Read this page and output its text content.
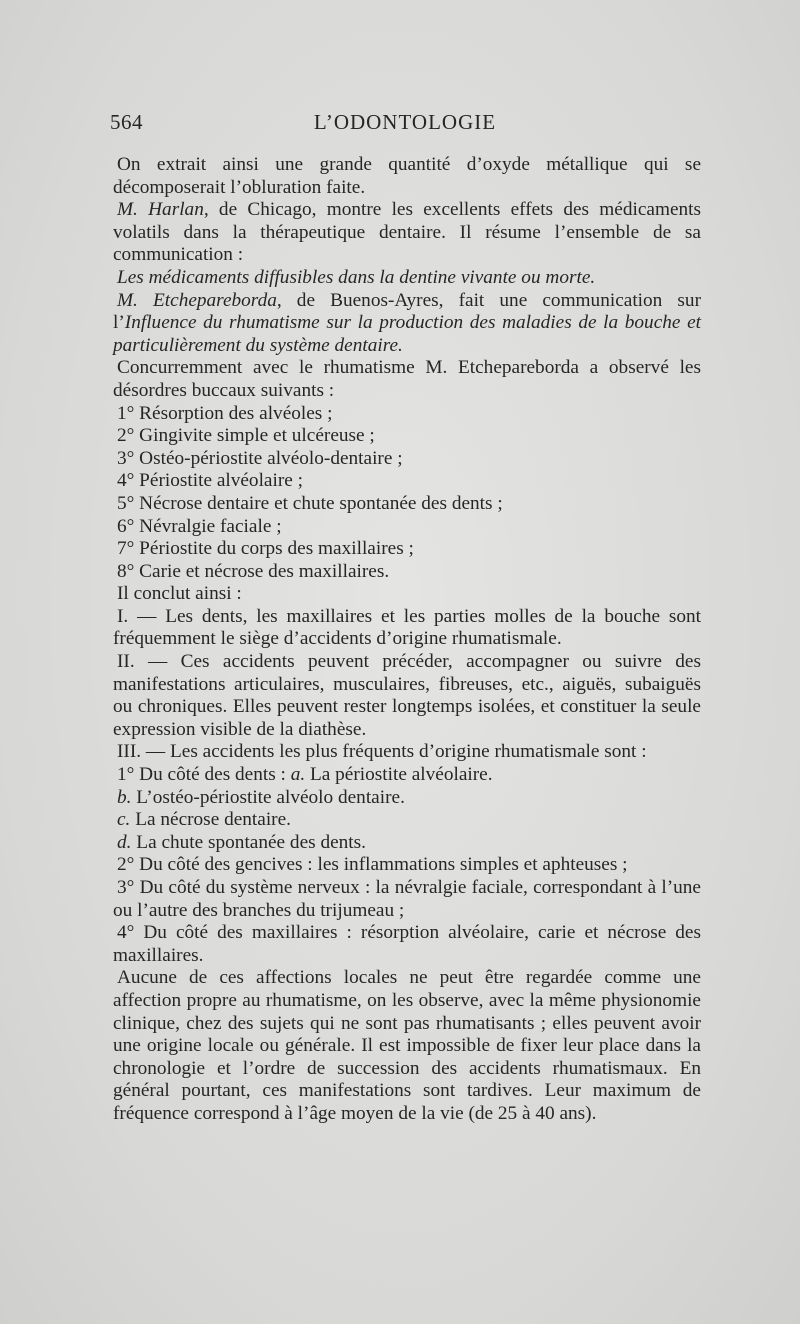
564	L’ODONTOLOGIE

On extrait ainsi une grande quantité d’oxyde métallique qui se décomposerait l’obluration faite.

M. Harlan, de Chicago, montre les excellents effets des médicaments volatils dans la thérapeutique dentaire. Il résume l’ensemble de sa communication :

Les médicaments diffusibles dans la dentine vivante ou morte.

M. Etchepareborda, de Buenos-Ayres, fait une communication sur l’Influence du rhumatisme sur la production des maladies de la bouche et particulièrement du système dentaire.

Concurremment avec le rhumatisme M. Etchepareborda a observé les désordres buccaux suivants :

1° Résorption des alvéoles ;

2° Gingivite simple et ulcéreuse ;

3° Ostéo-périostite alvéolo-dentaire ;

4° Périostite alvéolaire ;

5° Nécrose dentaire et chute spontanée des dents ;

6° Névralgie faciale ;

7° Périostite du corps des maxillaires ;

8° Carie et nécrose des maxillaires.

Il conclut ainsi :

I. — Les dents, les maxillaires et les parties molles de la bouche sont fréquemment le siège d’accidents d’origine rhumatismale.

II. — Ces accidents peuvent précéder, accompagner ou suivre des manifestations articulaires, musculaires, fibreuses, etc., aiguës, subaiguës ou chroniques. Elles peuvent rester longtemps isolées, et constituer la seule expression visible de la diathèse.

III. — Les accidents les plus fréquents d’origine rhumatismale sont :

1° Du côté des dents : a. La périostite alvéolaire.

b. L’ostéo-périostite alvéolo dentaire.

c. La nécrose dentaire.

d. La chute spontanée des dents.

2° Du côté des gencives : les inflammations simples et aphteuses ;

3° Du côté du système nerveux : la névralgie faciale, correspondant à l’une ou l’autre des branches du trijumeau ;

4° Du côté des maxillaires : résorption alvéolaire, carie et nécrose des maxillaires.

Aucune de ces affections locales ne peut être regardée comme une affection propre au rhumatisme, on les observe, avec la même physionomie clinique, chez des sujets qui ne sont pas rhumatisants ; elles peuvent avoir une origine locale ou générale. Il est impossible de fixer leur place dans la chronologie et l’ordre de succession des accidents rhumatismaux. En général pourtant, ces manifestations sont tardives. Leur maximum de fréquence correspond à l’âge moyen de la vie (de 25 à 40 ans).
